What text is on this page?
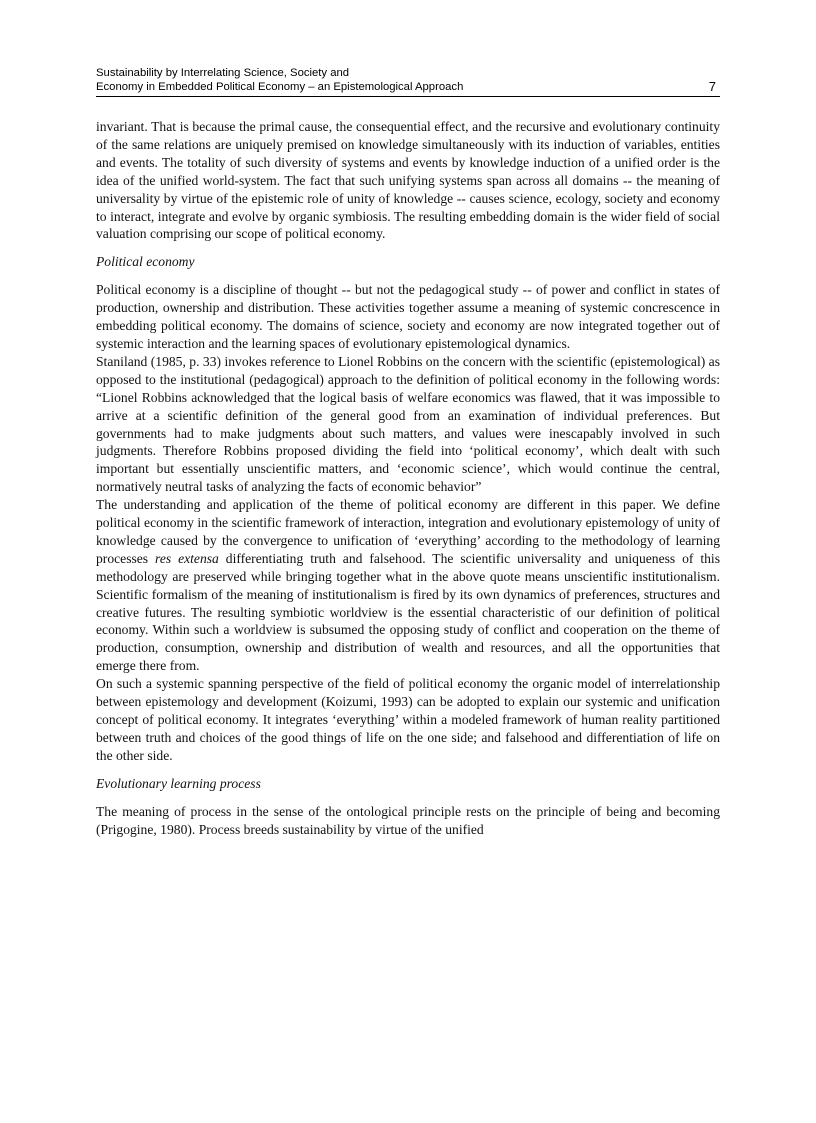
Sustainability by Interrelating Science, Society and
Economy in Embedded Political Economy – an Epistemological Approach	7

invariant. That is because the primal cause, the consequential effect, and the recursive and evolutionary continuity of the same relations are uniquely premised on knowledge simultaneously with its induction of variables, entities and events. The totality of such diversity of systems and events by knowledge induction of a unified order is the idea of the unified world-system. The fact that such unifying systems span across all domains -- the meaning of universality by virtue of the epistemic role of unity of knowledge -- causes science, ecology, society and economy to interact, integrate and evolve by organic symbiosis. The resulting embedding domain is the wider field of social valuation comprising our scope of political economy.

Political economy

Political economy is a discipline of thought -- but not the pedagogical study -- of power and conflict in states of production, ownership and distribution. These activities together assume a meaning of systemic concrescence in embedding political economy. The domains of science, society and economy are now integrated together out of systemic interaction and the learning spaces of evolutionary epistemological dynamics.

Staniland (1985, p. 33) invokes reference to Lionel Robbins on the concern with the scientific (epistemological) as opposed to the institutional (pedagogical) approach to the definition of political economy in the following words: “Lionel Robbins acknowledged that the logical basis of welfare economics was flawed, that it was impossible to arrive at a scientific definition of the general good from an examination of individual preferences. But governments had to make judgments about such matters, and values were inescapably involved in such judgments. Therefore Robbins proposed dividing the field into ‘political economy’, which dealt with such important but essentially unscientific matters, and ‘economic science’, which would continue the central, normatively neutral tasks of analyzing the facts of economic behavior”

The understanding and application of the theme of political economy are different in this paper. We define political economy in the scientific framework of interaction, integration and evolutionary epistemology of unity of knowledge caused by the convergence to unification of ‘everything’ according to the methodology of learning processes res extensa differentiating truth and falsehood. The scientific universality and uniqueness of this methodology are preserved while bringing together what in the above quote means unscientific institutionalism. Scientific formalism of the meaning of institutionalism is fired by its own dynamics of preferences, structures and creative futures. The resulting symbiotic worldview is the essential characteristic of our definition of political economy. Within such a worldview is subsumed the opposing study of conflict and cooperation on the theme of production, consumption, ownership and distribution of wealth and resources, and all the opportunities that emerge there from.

On such a systemic spanning perspective of the field of political economy the organic model of interrelationship between epistemology and development (Koizumi, 1993) can be adopted to explain our systemic and unification concept of political economy. It integrates ‘everything’ within a modeled framework of human reality partitioned between truth and choices of the good things of life on the one side; and falsehood and differentiation of life on the other side.

Evolutionary learning process

The meaning of process in the sense of the ontological principle rests on the principle of being and becoming (Prigogine, 1980). Process breeds sustainability by virtue of the unified
